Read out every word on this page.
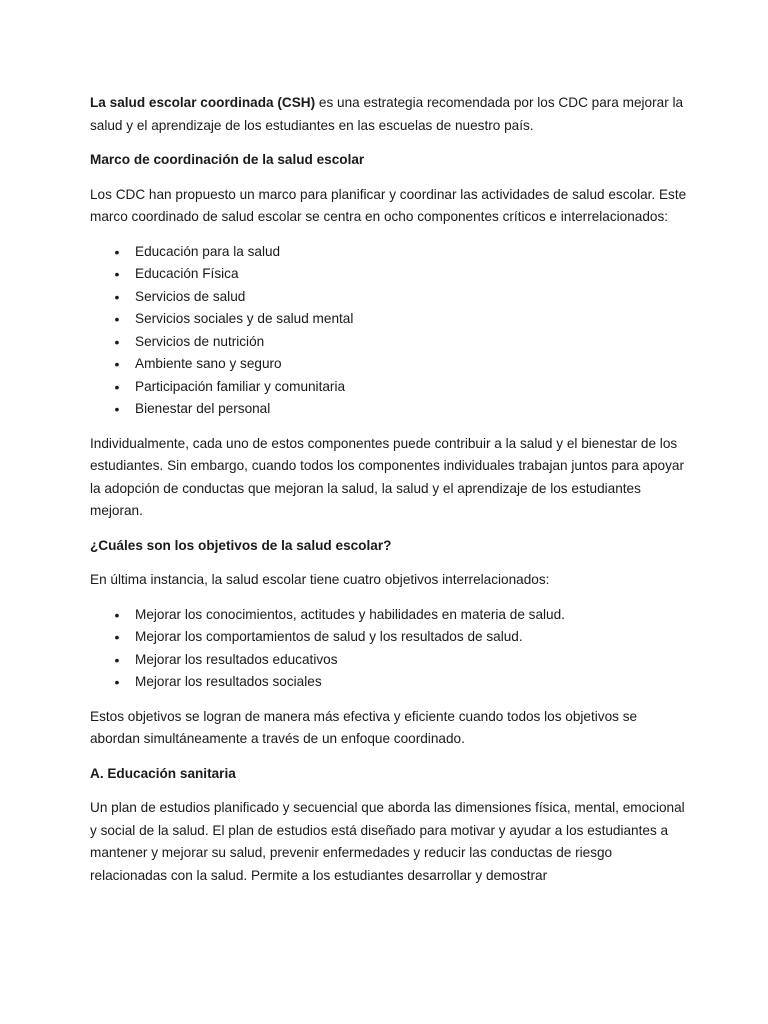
La salud escolar coordinada (CSH) es una estrategia recomendada por los CDC para mejorar la salud y el aprendizaje de los estudiantes en las escuelas de nuestro país.

Marco de coordinación de la salud escolar

Los CDC han propuesto un marco para planificar y coordinar las actividades de salud escolar. Este marco coordinado de salud escolar se centra en ocho componentes críticos e interrelacionados:

• Educación para la salud
• Educación Física
• Servicios de salud
• Servicios sociales y de salud mental
• Servicios de nutrición
• Ambiente sano y seguro
• Participación familiar y comunitaria
• Bienestar del personal

Individualmente, cada uno de estos componentes puede contribuir a la salud y el bienestar de los estudiantes. Sin embargo, cuando todos los componentes individuales trabajan juntos para apoyar la adopción de conductas que mejoran la salud, la salud y el aprendizaje de los estudiantes mejoran.

¿Cuáles son los objetivos de la salud escolar?

En última instancia, la salud escolar tiene cuatro objetivos interrelacionados:

• Mejorar los conocimientos, actitudes y habilidades en materia de salud.
• Mejorar los comportamientos de salud y los resultados de salud.
• Mejorar los resultados educativos
• Mejorar los resultados sociales

Estos objetivos se logran de manera más efectiva y eficiente cuando todos los objetivos se abordan simultáneamente a través de un enfoque coordinado.

A. Educación sanitaria

Un plan de estudios planificado y secuencial que aborda las dimensiones física, mental, emocional y social de la salud. El plan de estudios está diseñado para motivar y ayudar a los estudiantes a mantener y mejorar su salud, prevenir enfermedades y reducir las conductas de riesgo relacionadas con la salud. Permite a los estudiantes desarrollar y demostrar
